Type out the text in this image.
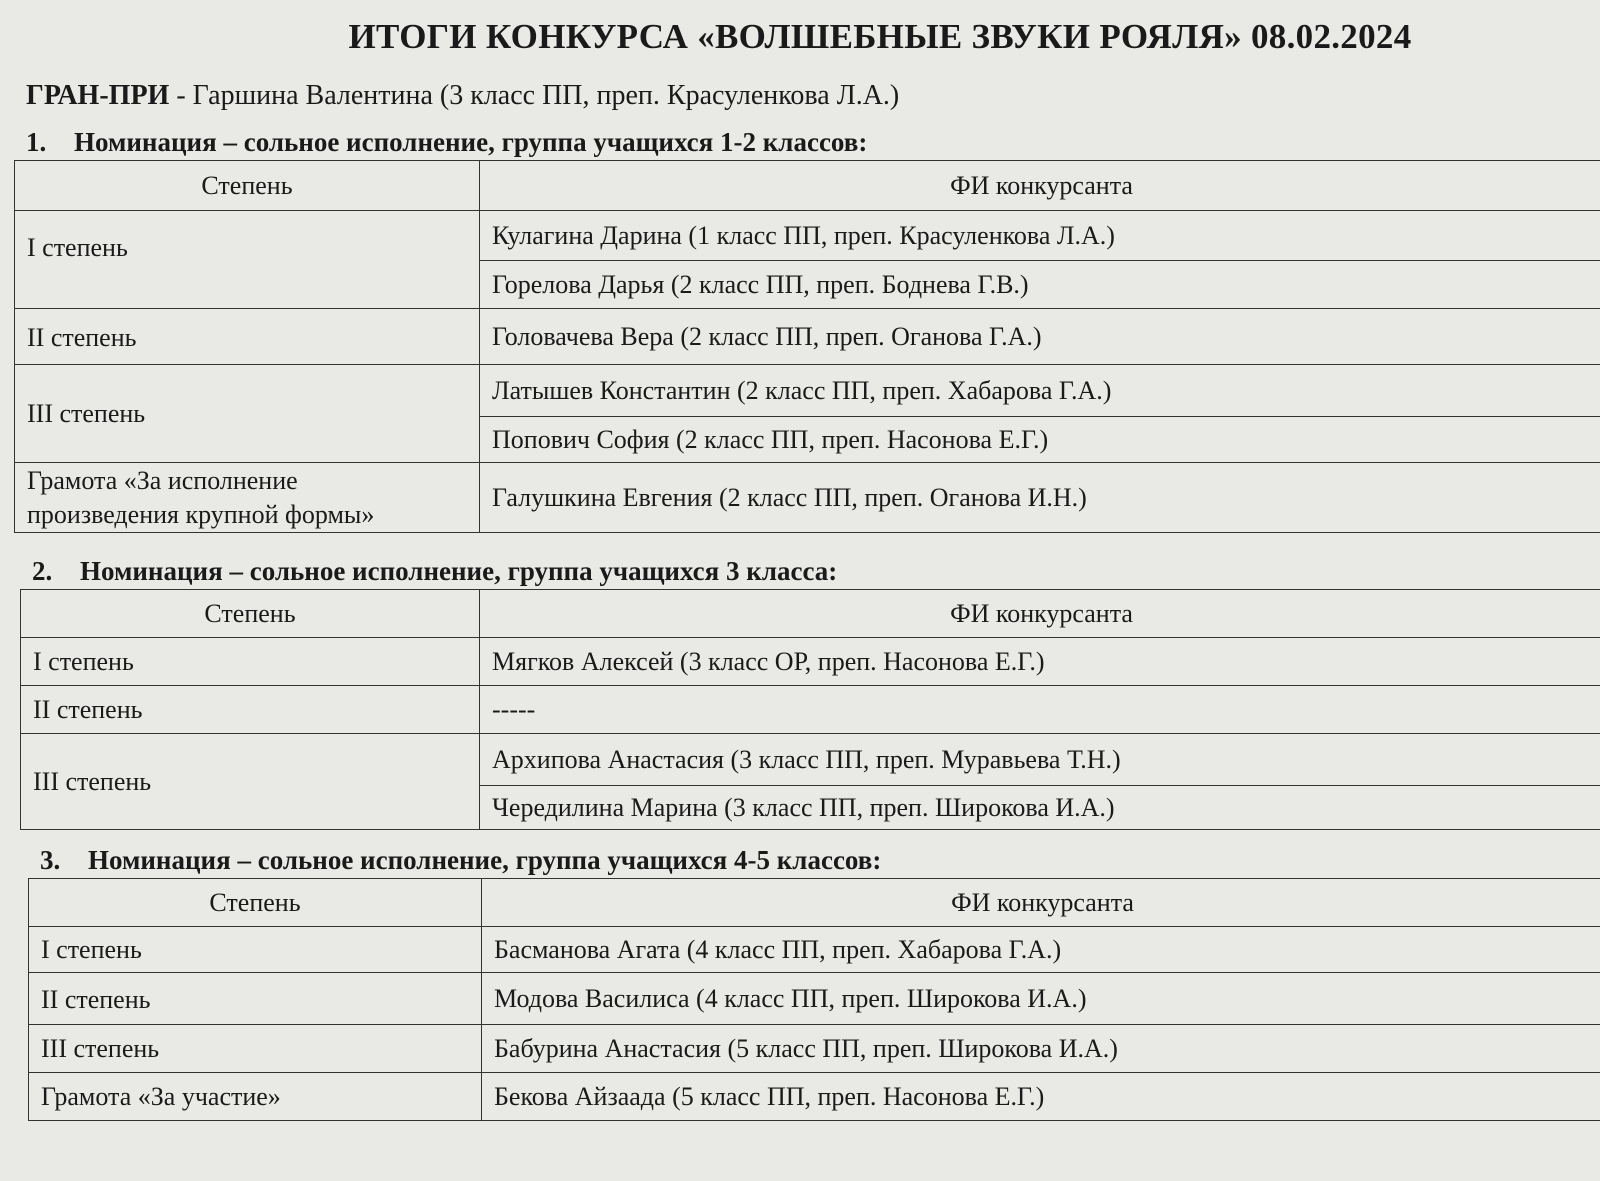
ИТОГИ КОНКУРСА «ВОЛШЕБНЫЕ ЗВУКИ РОЯЛЯ» 08.02.2024
ГРАН-ПРИ - Гаршина Валентина (3 класс ПП, преп. Красуленкова Л.А.)
1. Номинация – сольное исполнение, группа учащихся 1-2 классов:
Степень	ФИ конкурсанта
I степень	Кулагина Дарина (1 класс ПП, преп. Красуленкова Л.А.)
	Горелова Дарья (2 класс ПП, преп. Боднева Г.В.)
II степень	Головачева Вера (2 класс ПП, преп. Оганова Г.А.)
III степень	Латышев Константин (2 класс ПП, преп. Хабарова Г.А.)
	Попович София (2 класс ПП, преп. Насонова Е.Г.)

Грамота «За исполнение
произведения крупной формы»	Галушкина Евгения (2 класс ПП, преп. Оганова И.Н.)
2. Номинация – сольное исполнение, группа учащихся 3 класса:
Степень	ФИ конкурсанта
I степень	Мягков Алексей (3 класс ОР, преп. Насонова Е.Г.)
II степень	-----
III степень	Архипова Анастасия (3 класс ПП, преп. Муравьева Т.Н.)
	Чередилина Марина (3 класс ПП, преп. Широкова И.А.)
3. Номинация – сольное исполнение, группа учащихся 4-5 классов:
Степень	ФИ конкурсанта
I степень	Басманова Агата (4 класс ПП, преп. Хабарова Г.А.)
II степень	Модова Василиса (4 класс ПП, преп. Широкова И.А.)
III степень	Бабурина Анастасия (5 класс ПП, преп. Широкова И.А.)
Грамота «За участие»	Бекова Айзаада (5 класс ПП, преп. Насонова Е.Г.)
